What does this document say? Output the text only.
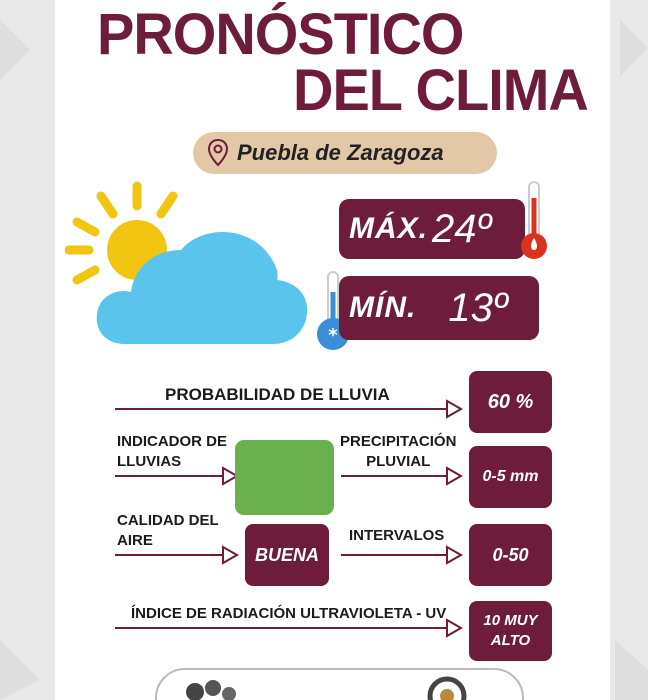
PRONÓSTICO
DEL CLIMA
Puebla de Zaragoza
MÁX. 24º
*
MÍN. 13º
PROBABILIDAD DE LLUVIA	60 %
INDICADOR DE
LLUVIAS
PRECIPITACIÓN
PLUVIAL
0-5 mm
CALIDAD DEL
AIRE
BUENA
INTERVALOS
0-50
ÍNDICE DE RADIACIÓN ULTRAVIOLETA - UV 10 MUY
ALTO
